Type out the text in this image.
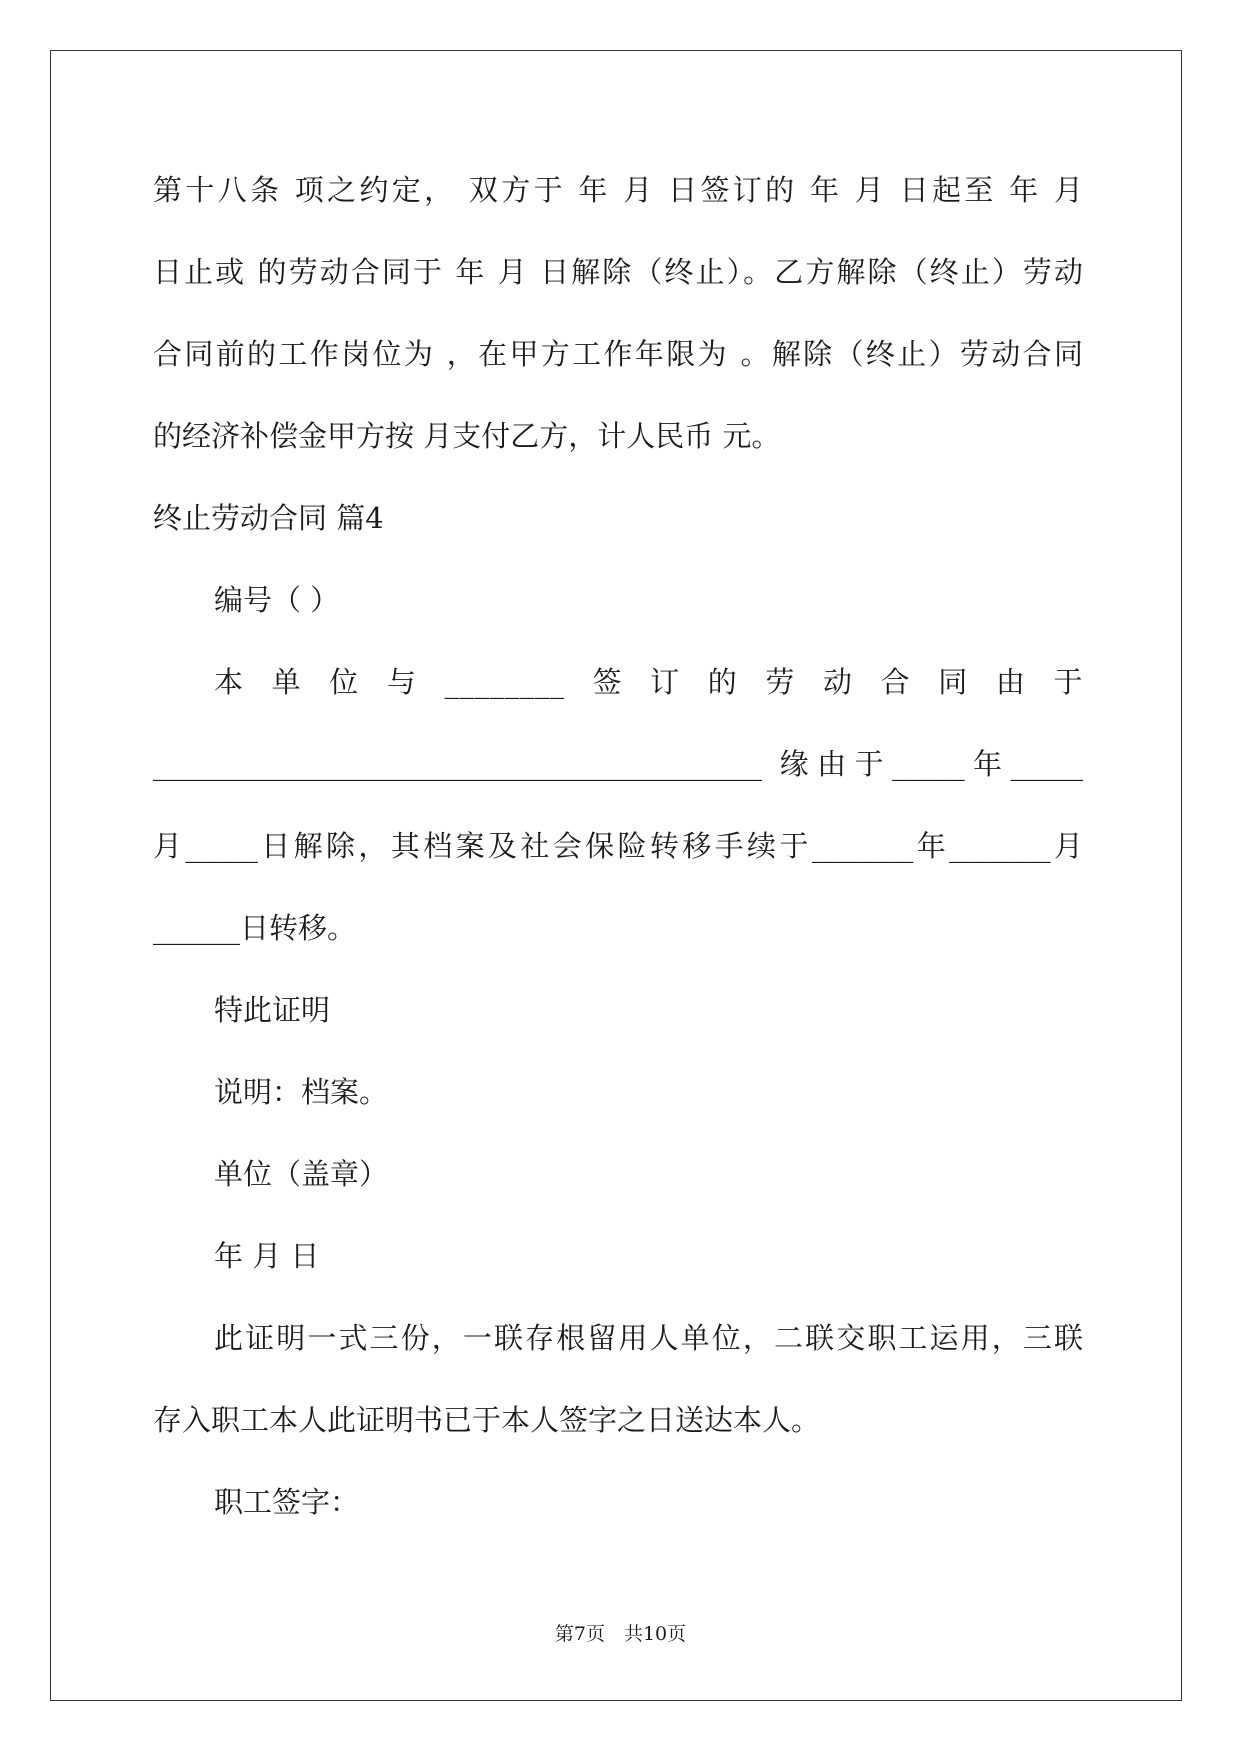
第十八条 项之约定， 双方于 年 月 日签订的 年 月 日起至 年 月
日止或 的劳动合同于 年 月 日解除（终止）。乙方解除（终止）劳动
合同前的工作岗位为 ，在甲方工作年限为 。解除（终止）劳动合同
的经济补偿金甲方按 月支付乙方，计人民币 元。
终止劳动合同 篇4
编号（ ）
本单位与________签订的劳动合同由于
__________________________________________ 缘由于_____年_____
月_____日解除，其档案及社会保险转移手续于_______年_______月
______日转移。
特此证明
说明：档案。
单位（盖章）
年 月 日
此证明一式三份，一联存根留用人单位，二联交职工运用，三联
存入职工本人此证明书已于本人签字之日送达本人。
职工签字：
第7页　共10页
